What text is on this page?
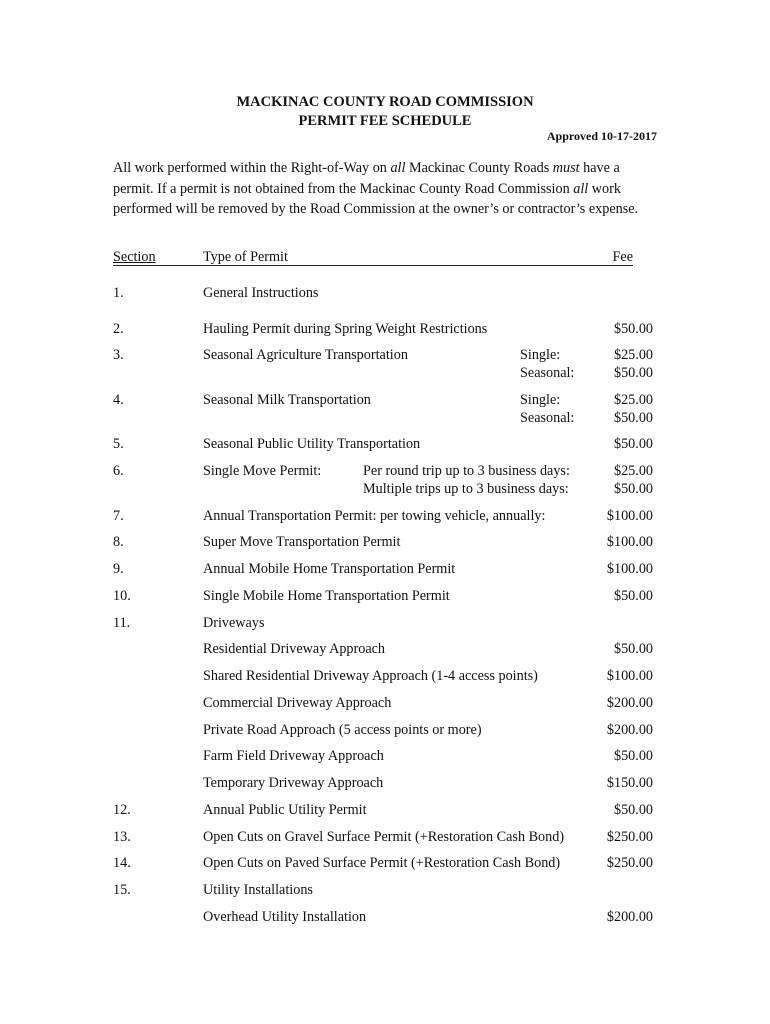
MACKINAC COUNTY ROAD COMMISSION
PERMIT FEE SCHEDULE
Approved 10-17-2017
All work performed within the Right-of-Way on all Mackinac County Roads must have a permit. If a permit is not obtained from the Mackinac County Road Commission all work performed will be removed by the Road Commission at the owner’s or contractor’s expense.
Section	Type of Permit	Fee
1.	General Instructions
2.	Hauling Permit during Spring Weight Restrictions	$50.00
3.	Seasonal Agriculture Transportation	Single:	$25.00
Seasonal:	$50.00
4.	Seasonal Milk Transportation	Single:	$25.00
Seasonal:	$50.00
5.	Seasonal Public Utility Transportation	$50.00
6.	Single Move Permit:	Per round trip up to 3 business days:	$25.00
Multiple trips up to 3 business days:	$50.00
7.	Annual Transportation Permit: per towing vehicle, annually:	$100.00
8.	Super Move Transportation Permit	$100.00
9.	Annual Mobile Home Transportation Permit	$100.00
10.	Single Mobile Home Transportation Permit	$50.00
11.	Driveways
Residential Driveway Approach	$50.00
Shared Residential Driveway Approach (1-4 access points)	$100.00
Commercial Driveway Approach	$200.00
Private Road Approach (5 access points or more)	$200.00
Farm Field Driveway Approach	$50.00
Temporary Driveway Approach	$150.00
12.	Annual Public Utility Permit	$50.00
13.	Open Cuts on Gravel Surface Permit (+Restoration Cash Bond)	$250.00
14.	Open Cuts on Paved Surface Permit (+Restoration Cash Bond)	$250.00
15.	Utility Installations
Overhead Utility Installation	$200.00
